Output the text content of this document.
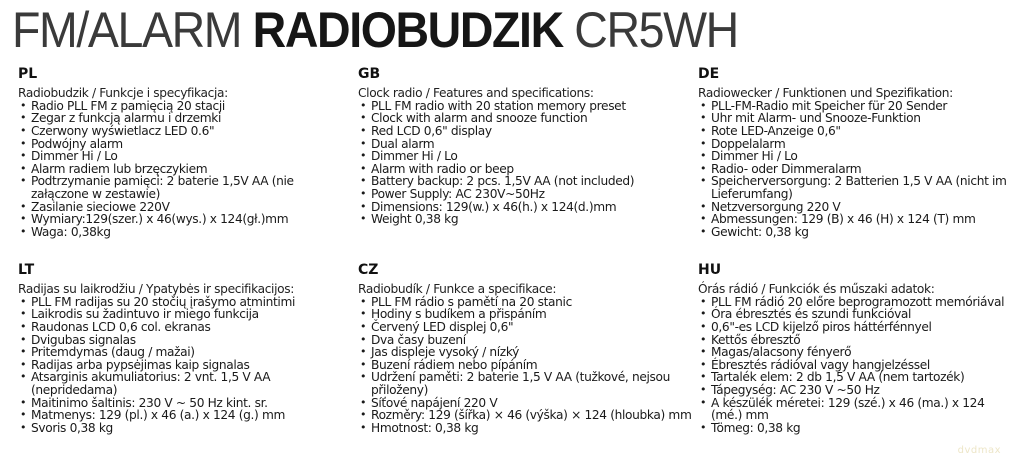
FM/ALARM RADIOBUDZIK CR5WH
PL
Radiobudzik / Funkcje i specyfikacja:
• Radio PLL FM z pamięcią 20 stacji
• Zegar z funkcją alarmu i drzemki
• Czerwony wyświetlacz LED 0.6"
• Podwójny alarm
• Dimmer Hi / Lo
• Alarm radiem lub brzęczykiem
• Podtrzymanie pamięci: 2 baterie 1,5V AA (nie załączone w zestawie)
• Zasilanie sieciowe 220V
• Wymiary:129(szer.) x 46(wys.) x 124(gł.)mm
• Waga: 0,38kg
GB
Clock radio / Features and specifications:
• PLL FM radio with 20 station memory preset
• Clock with alarm and snooze function
• Red LCD 0,6" display
• Dual alarm
• Dimmer Hi / Lo
• Alarm with radio or beep
• Battery backup: 2 pcs. 1,5V AA (not included)
• Power Supply: AC 230V~50Hz
• Dimensions: 129(w.) x 46(h.) x 124(d.)mm
• Weight 0,38 kg
DE
Radiowecker / Funktionen und Spezifikation:
• PLL-FM-Radio mit Speicher für 20 Sender
• Uhr mit Alarm- und Snooze-Funktion
• Rote LED-Anzeige 0,6"
• Doppelalarm
• Dimmer Hi / Lo
• Radio- oder Dimmeralarm
• Speicherversorgung: 2 Batterien 1,5 V AA (nicht im Lieferumfang)
• Netzversorgung 220 V
• Abmessungen: 129 (B) x 46 (H) x 124 (T) mm
• Gewicht: 0,38 kg
LT
Radijas su laikrodžiu / Ypatybės ir specifikacijos:
• PLL FM radijas su 20 stočių įrašymo atmintimi
• Laikrodis su žadintuvo ir miego funkcija
• Raudonas LCD 0,6 col. ekranas
• Dvigubas signalas
• Pritemdymas (daug / mažai)
• Radijas arba pypsėjimas kaip signalas
• Atsarginis akumuliatorius: 2 vnt. 1,5 V AA (nepridedama)
• Maitinimo šaltinis: 230 V ~ 50 Hz kint. sr.
• Matmenys: 129 (pl.) x 46 (a.) x 124 (g.) mm
• Svoris 0,38 kg
CZ
Radiobudík / Funkce a specifikace:
• PLL FM rádio s pamětí na 20 stanic
• Hodiny s budíkem a přispáním
• Červený LED displej 0,6"
• Dva časy buzení
• Jas displeje vysoký / nízký
• Buzení rádiem nebo pípáním
• Udržení paměti: 2 baterie 1,5 V AA (tužkové, nejsou přiloženy)
• Síťové napájení 220 V
• Rozměry: 129 (šířka) × 46 (výška) × 124 (hloubka) mm
• Hmotnost: 0,38 kg
HU
Órás rádió / Funkciók és műszaki adatok:
• PLL FM rádió 20 előre beprogramozott memóriával
• Óra ébresztés és szundi funkcióval
• 0,6"-es LCD kijelző piros háttérfénnyel
• Kettős ébresztő
• Magas/alacsony fényerő
• Ébresztés rádióval vagy hangjelzéssel
• Tartalék elem: 2 db 1,5 V AA (nem tartozék)
• Tápegység: AC 230 V ~50 Hz
• A készülék méretei: 129 (szé.) x 46 (ma.) x 124 (mé.) mm
• Tömeg: 0,38 kg
dvdmax
